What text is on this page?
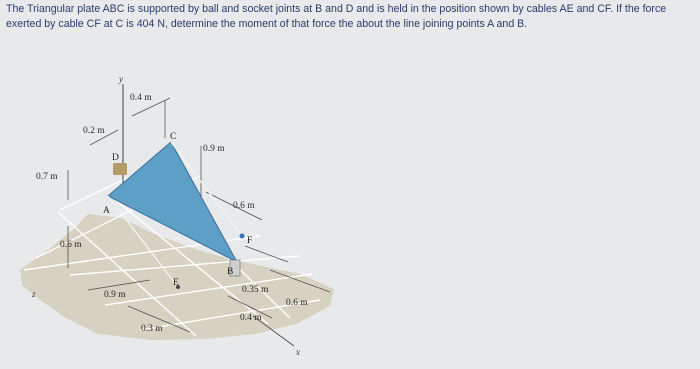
The Triangular plate ABC is supported by ball and socket joints at B and D and is held in the position shown by cables AE and CF. If the force exerted by cable CF at C is 404 N, determine the moment of that force the about the line joining points A and B.
y
z
x
A
B
C
D
E
F
0.4 m
0.2 m
0.9 m
0.7 m
0.6 m
0.6 m
0.9 m	0.35 m
0.6 m
0.3 m
0.4 m
